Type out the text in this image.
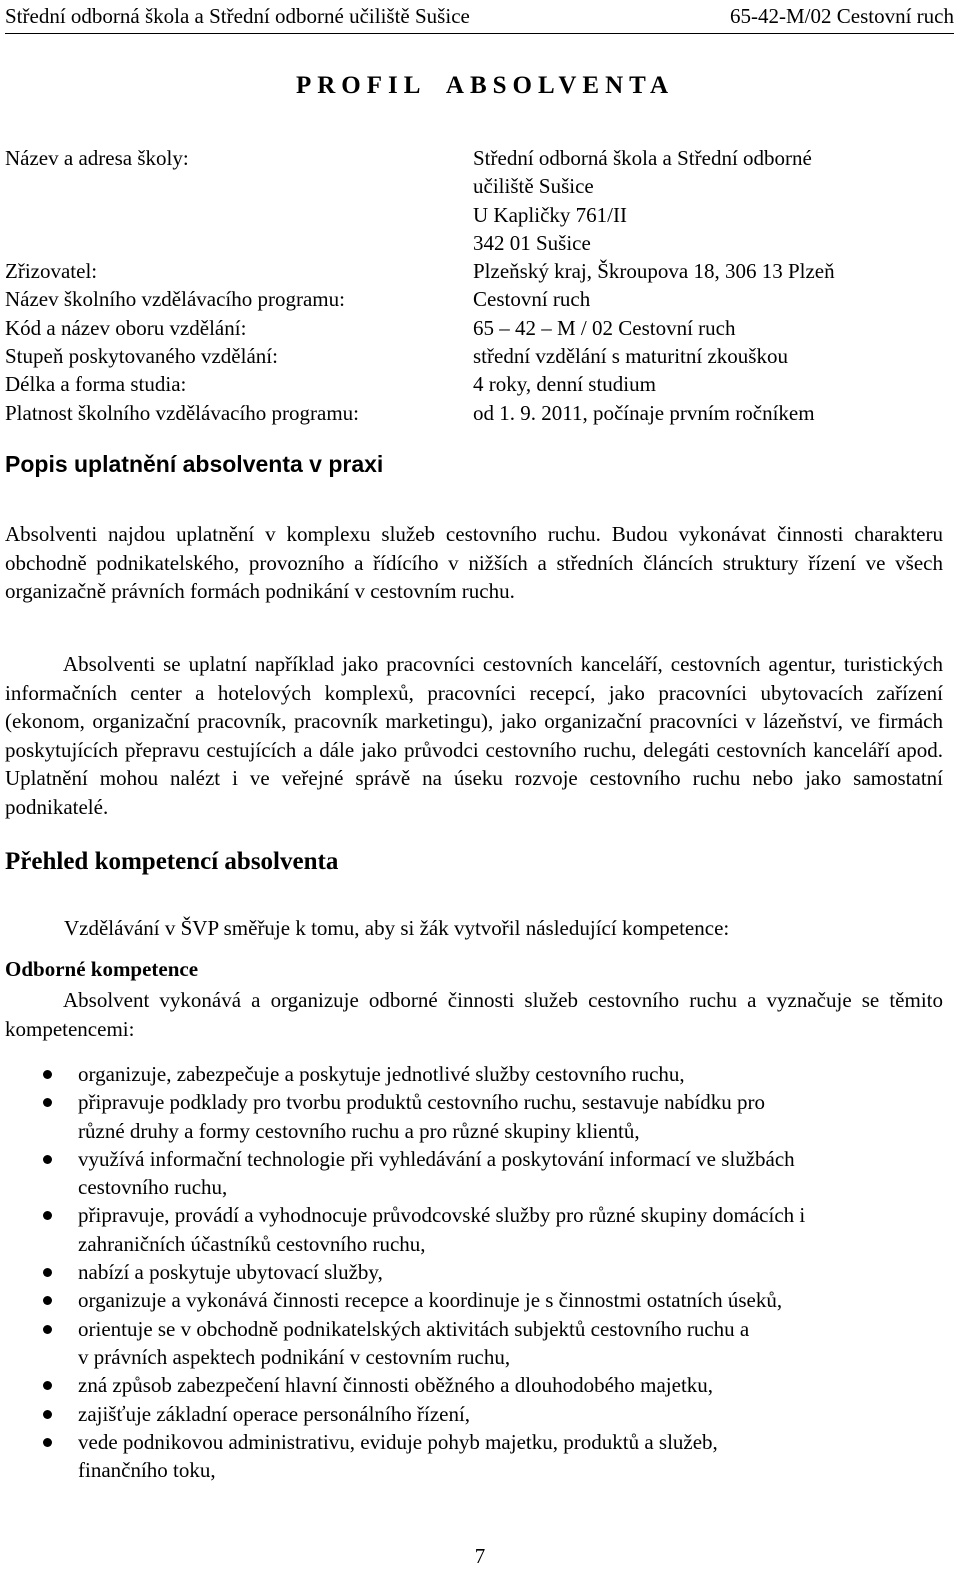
Střední odborná škola a Střední odborné učiliště Sušice	65-42-M/02 Cestovní ruch
PROFIL ABSOLVENTA
Název a adresa školy:	Střední odborná škola a Střední odborné
učiliště Sušice
U Kapličky 761/II
342 01 Sušice
Zřizovatel:	Plzeňský kraj, Škroupova 18, 306 13 Plzeň
Název školního vzdělávacího programu:	Cestovní ruch
Kód a název oboru vzdělání:	65 – 42 – M / 02 Cestovní ruch
Stupeň poskytovaného vzdělání:	střední vzdělání s maturitní zkouškou
Délka a forma studia:	4 roky, denní studium
Platnost školního vzdělávacího programu:	od 1. 9. 2011, počínaje prvním ročníkem
Popis uplatnění absolventa v praxi

Absolventi najdou uplatnění v komplexu služeb cestovního ruchu. Budou vykonávat činnosti charakteru obchodně podnikatelského, provozního a řídícího v nižších a středních článcích struktury řízení ve všech organizačně právních formách podnikání v cestovním ruchu.

Absolventi se uplatní například jako pracovníci cestovních kanceláří, cestovních agentur, turistických informačních center a hotelových komplexů, pracovníci recepcí, jako pracovníci ubytovacích zařízení (ekonom, organizační pracovník, pracovník marketingu), jako organizační pracovníci v lázeňství, ve firmách poskytujících přepravu cestujících a dále jako průvodci cestovního ruchu, delegáti cestovních kanceláří apod. Uplatnění mohou nalézt i ve veřejné správě na úseku rozvoje cestovního ruchu nebo jako samostatní podnikatelé.

Přehled kompetencí absolventa
Vzdělávání v ŠVP směřuje k tomu, aby si žák vytvořil následující kompetence:
Odborné kompetence

Absolvent vykonává a organizuje odborné činnosti služeb cestovního ruchu a vyznačuje se těmito kompetencemi:

organizuje, zabezpečuje a poskytuje jednotlivé služby cestovního ruchu,
připravuje podklady pro tvorbu produktů cestovního ruchu, sestavuje nabídku pro
různé druhy a formy cestovního ruchu a pro různé skupiny klientů,
využívá informační technologie při vyhledávání a poskytování informací ve službách
cestovního ruchu,
připravuje, provádí a vyhodnocuje průvodcovské služby pro různé skupiny domácích i
zahraničních účastníků cestovního ruchu,
nabízí a poskytuje ubytovací služby,
organizuje a vykonává činnosti recepce a koordinuje je s činnostmi ostatních úseků,
orientuje se v obchodně podnikatelských aktivitách subjektů cestovního ruchu a
v právních aspektech podnikání v cestovním ruchu,
zná způsob zabezpečení hlavní činnosti oběžného a dlouhodobého majetku,
zajišťuje základní operace personálního řízení,
vede podnikovou administrativu, eviduje pohyb majetku, produktů a služeb,
finančního toku,
7
